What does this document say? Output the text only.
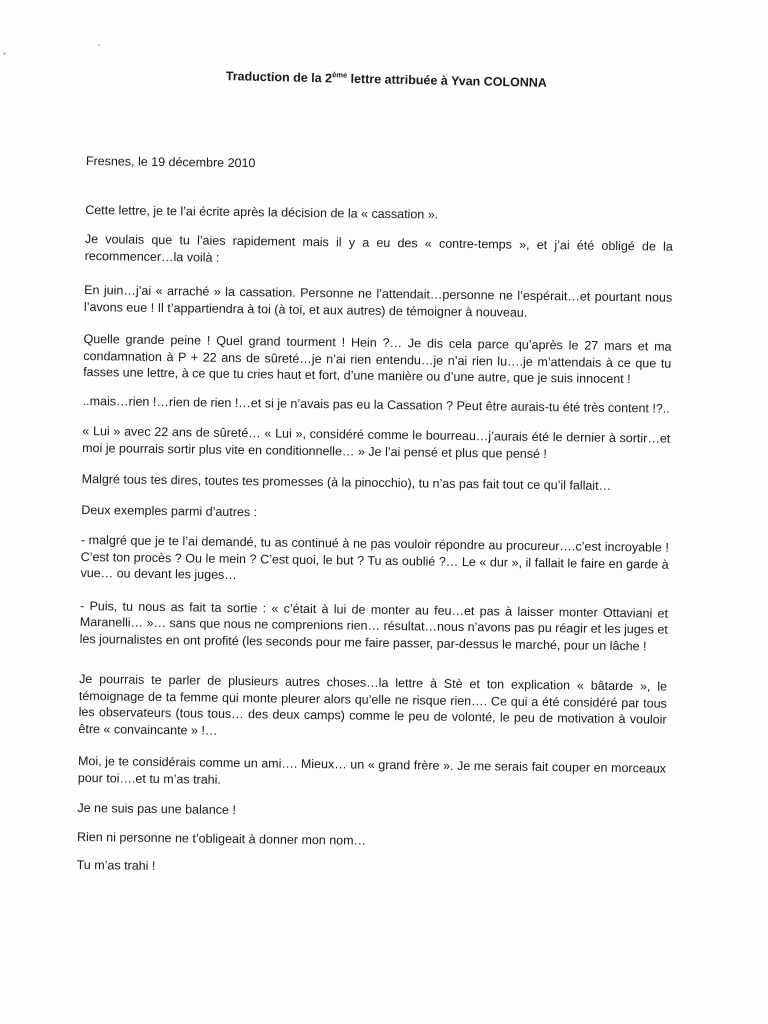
Traduction de la 2ème lettre attribuée à Yvan COLONNA

Fresnes, le 19 décembre 2010

Cette lettre, je te l’ai écrite après la décision de la « cassation ».

Je voulais que tu l’aies rapidement mais il y a eu des « contre-temps », et j’ai été obligé de la recommencer…la voilà :

En juin…j’ai « arraché » la cassation. Personne ne l’attendait…personne ne l’espérait…et pourtant nous l’avons eue ! Il t’appartiendra à toi (à toi, et aux autres) de témoigner à nouveau.

Quelle grande peine ! Quel grand tourment ! Hein ?… Je dis cela parce qu’après le 27 mars et ma condamnation à P + 22 ans de sûreté…je n’ai rien entendu…je n’ai rien lu….je m’attendais à ce que tu fasses une lettre, à ce que tu cries haut et fort, d’une manière ou d’une autre, que je suis innocent !

..mais…rien !…rien de rien !…et si je n’avais pas eu la Cassation ? Peut être aurais-tu été très content !?..

« Lui » avec 22 ans de sûreté… « Lui », considéré comme le bourreau…j’aurais été le dernier à sortir…et moi je pourrais sortir plus vite en conditionnelle… » Je l’ai pensé et plus que pensé !

Malgré tous tes dires, toutes tes promesses (à la pinocchio), tu n’as pas fait tout ce qu’il fallait…

Deux exemples parmi d’autres :

- malgré que je te l’ai demandé, tu as continué à ne pas vouloir répondre au procureur….c’est incroyable ! C’est ton procès ? Ou le mein ? C’est quoi, le but ? Tu as oublié ?… Le « dur », il fallait le faire en garde à vue… ou devant les juges…

- Puis, tu nous as fait ta sortie : « c’était à lui de monter au feu…et pas à laisser monter Ottaviani et Maranelli… »… sans que nous ne comprenions rien… résultat…nous n’avons pas pu réagir et les juges et les journalistes en ont profité (les seconds pour me faire passer, par-dessus le marché, pour un lâche !

Je pourrais te parler de plusieurs autres choses…la lettre à Stè et ton explication « bâtarde », le témoignage de ta femme qui monte pleurer alors qu’elle ne risque rien…. Ce qui a été considéré par tous les observateurs (tous tous… des deux camps) comme le peu de volonté, le peu de motivation à vouloir être « convaincante » !…

Moi, je te considérais comme un ami…. Mieux… un « grand frère ». Je me serais fait couper en morceaux pour toi….et tu m’as trahi.

Je ne suis pas une balance !

Rien ni personne ne t’obligeait à donner mon nom…

Tu m’as trahi !
